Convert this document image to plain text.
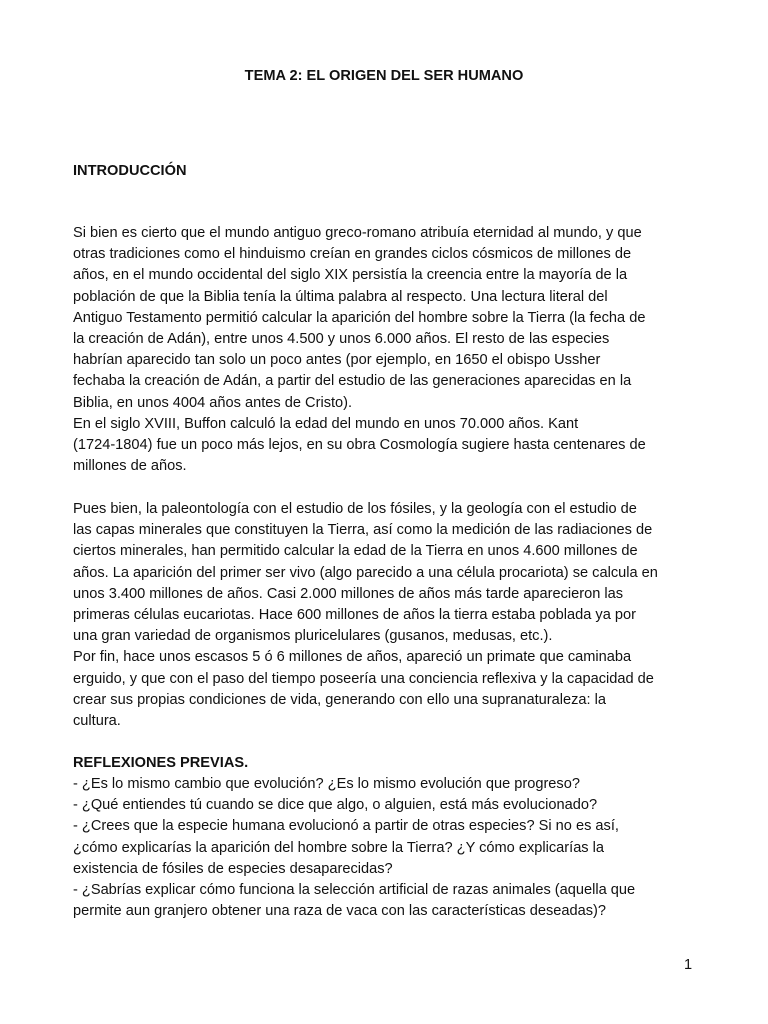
TEMA 2: EL ORIGEN DEL SER HUMANO
INTRODUCCIÓN
Si bien es cierto que el mundo antiguo greco-romano atribuía eternidad al mundo, y que
otras tradiciones como el hinduismo creían en grandes ciclos cósmicos de millones de
años, en el mundo occidental del siglo XIX persistía la creencia entre la mayoría de la
población de que la Biblia tenía la última palabra al respecto. Una lectura literal del
Antiguo Testamento permitió calcular la aparición del hombre sobre la Tierra (la fecha de
la creación de Adán), entre unos 4.500 y unos 6.000 años. El resto de las especies
habrían aparecido tan solo un poco antes (por ejemplo, en 1650 el obispo Ussher
fechaba la creación de Adán, a partir del estudio de las generaciones aparecidas en la
Biblia, en unos 4004 años antes de Cristo).
En el siglo XVIII, Buffon calculó la edad del mundo en unos 70.000 años. Kant
(1724-1804) fue un poco más lejos, en su obra Cosmología sugiere hasta centenares de
millones de años.
Pues bien, la paleontología con el estudio de los fósiles, y la geología con el estudio de
las capas minerales que constituyen la Tierra, así como la medición de las radiaciones de
ciertos minerales, han permitido calcular la edad de la Tierra en unos 4.600 millones de
años. La aparición del primer ser vivo (algo parecido a una célula procariota) se calcula en
unos 3.400 millones de años. Casi 2.000 millones de años más tarde aparecieron las
primeras células eucariotas. Hace 600 millones de años la tierra estaba poblada ya por
una gran variedad de organismos pluricelulares (gusanos, medusas, etc.).
Por fin, hace unos escasos 5 ó 6 millones de años, apareció un primate que caminaba
erguido, y que con el paso del tiempo poseería una conciencia reflexiva y la capacidad de
crear sus propias condiciones de vida, generando con ello una supranaturaleza: la
cultura.
REFLEXIONES PREVIAS.
- ¿Es lo mismo cambio que evolución? ¿Es lo mismo evolución que progreso?
- ¿Qué entiendes tú cuando se dice que algo, o alguien, está más evolucionado?
- ¿Crees que la especie humana evolucionó a partir de otras especies? Si no es así,
¿cómo explicarías la aparición del hombre sobre la Tierra? ¿Y cómo explicarías la
existencia de fósiles de especies desaparecidas?
- ¿Sabrías explicar cómo funciona la selección artificial de razas animales (aquella que
permite aun granjero obtener una raza de vaca con las características deseadas)?
1
